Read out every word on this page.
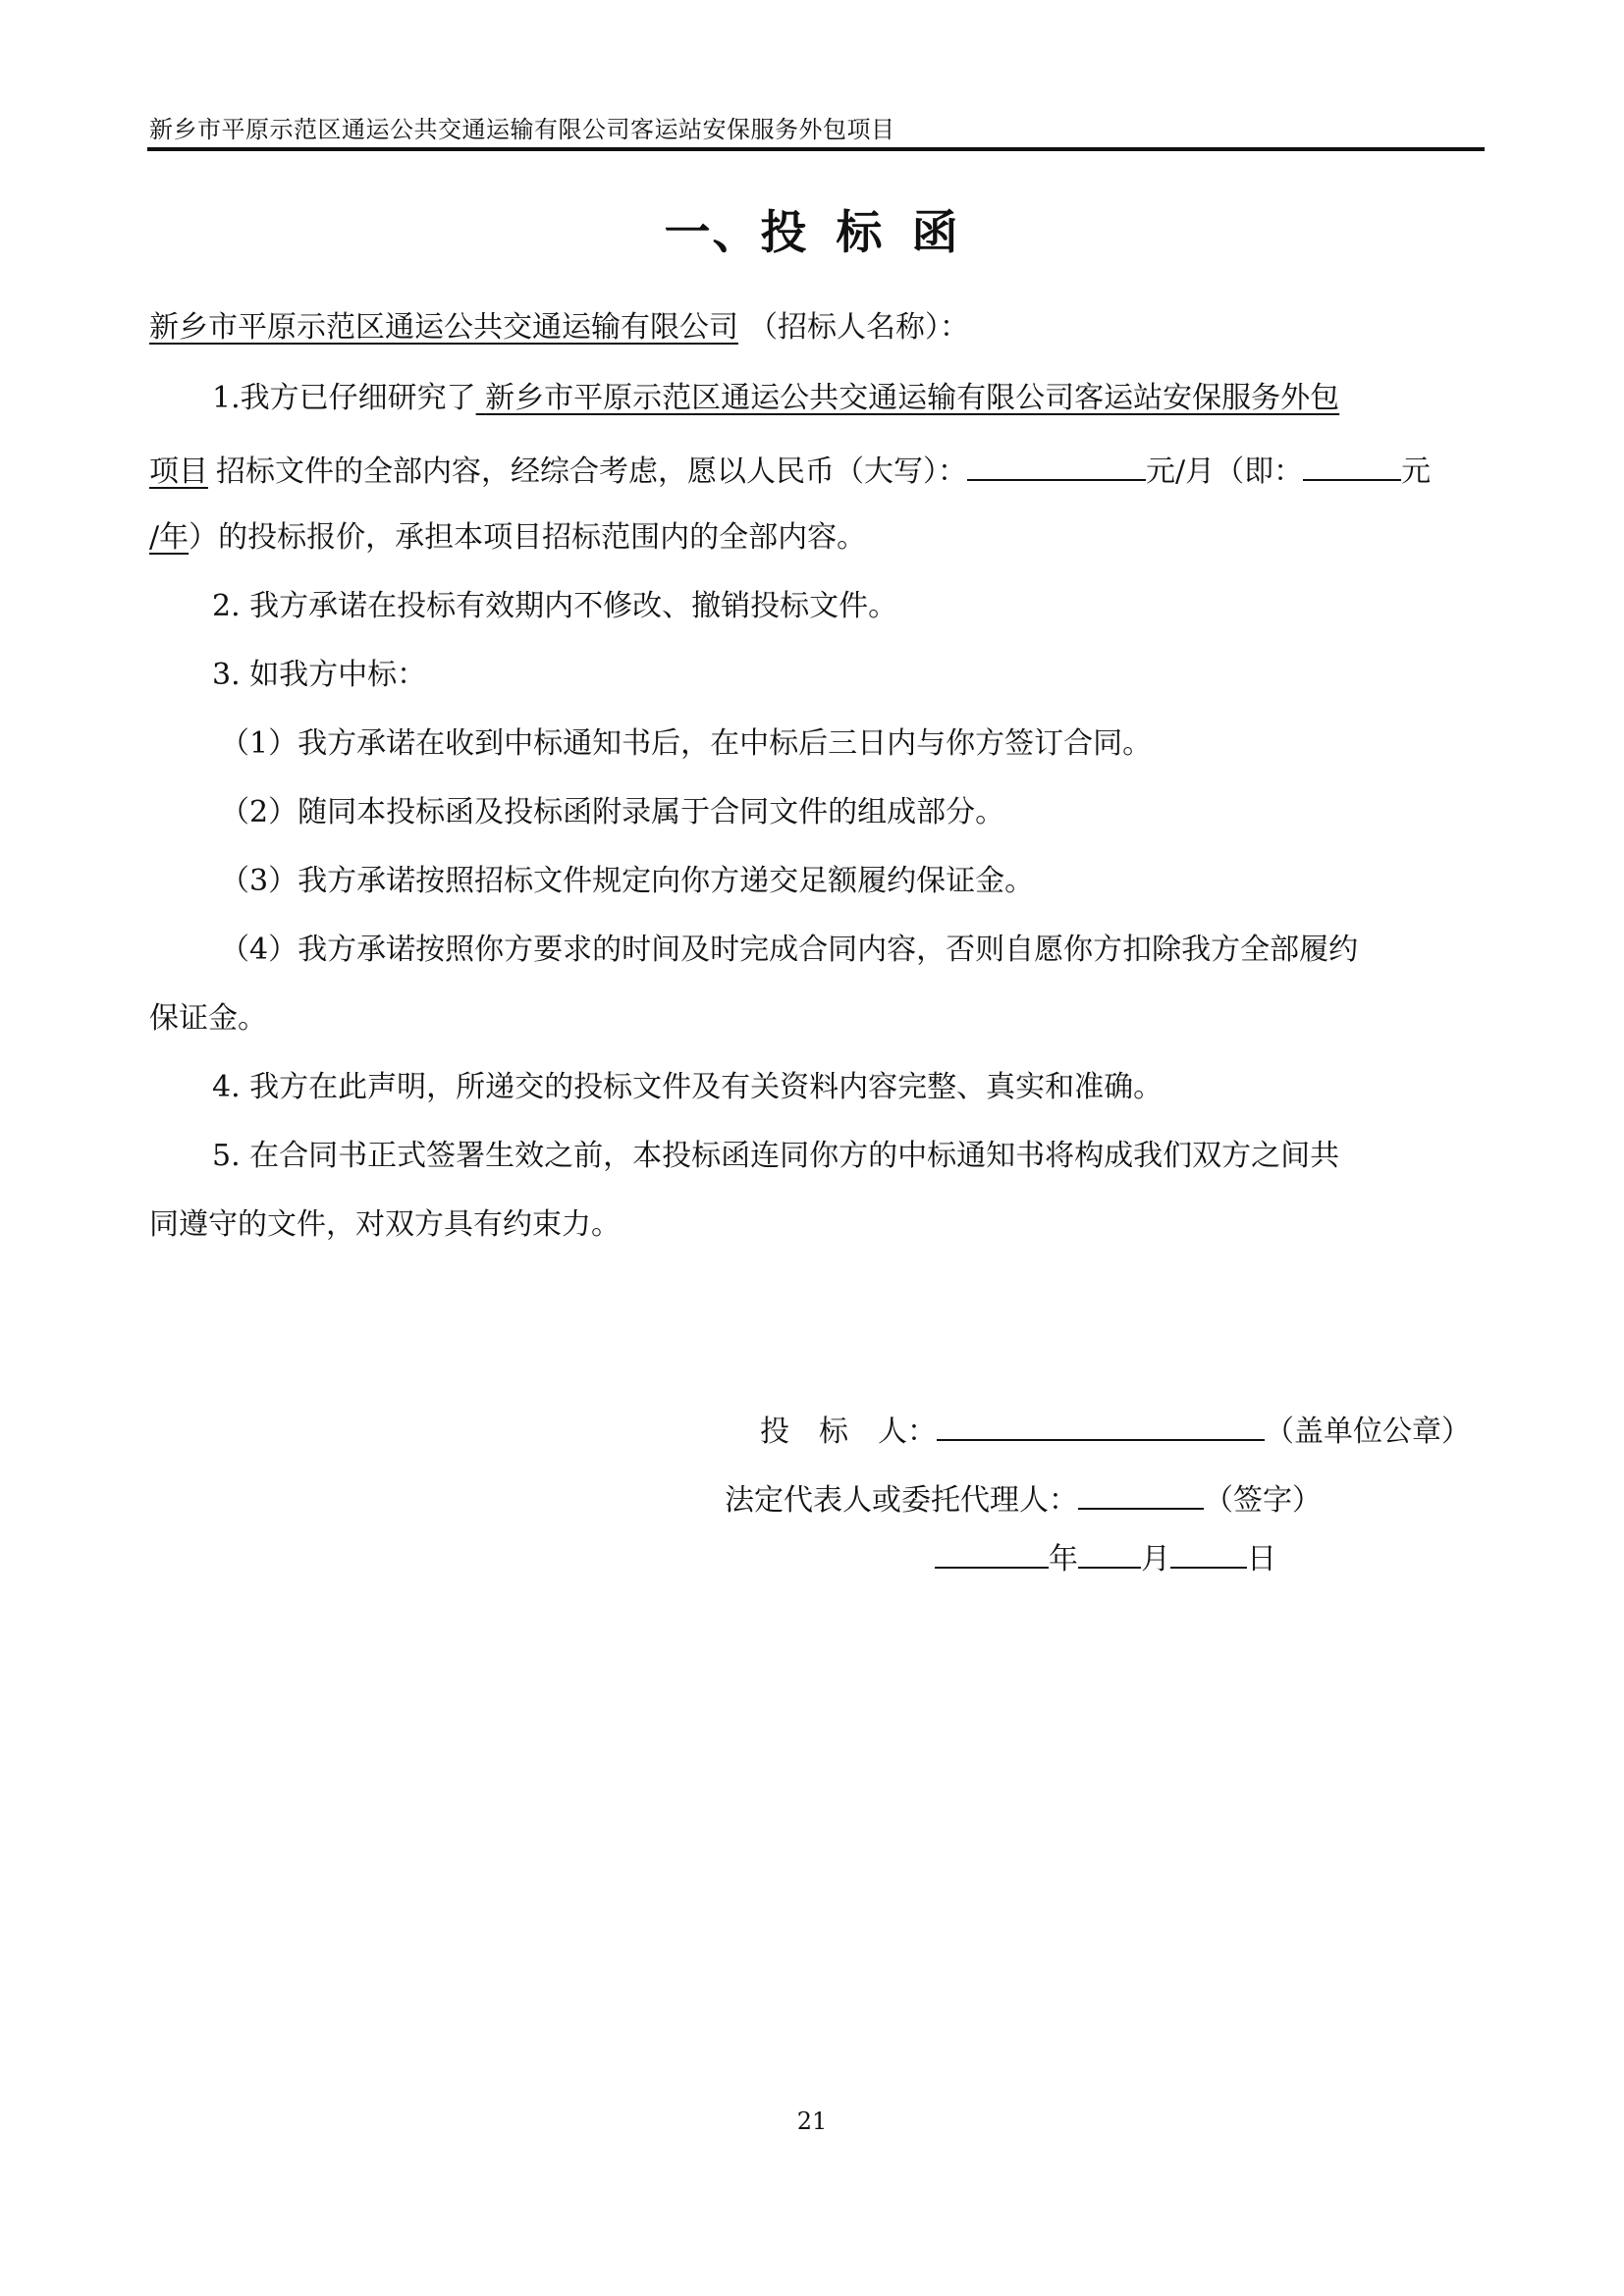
新乡市平原示范区通运公共交通运输有限公司客运站安保服务外包项目
一、投 标 函
新乡市平原示范区通运公共交通运输有限公司 （招标人名称）：
1.我方已仔细研究了 新乡市平原示范区通运公共交通运输有限公司客运站安保服务外包
项目 招标文件的全部内容，经综合考虑，愿以人民币（大写）：	元/月（即：	元
/年）的投标报价，承担本项目招标范围内的全部内容。
2. 我方承诺在投标有效期内不修改、撤销投标文件。
3. 如我方中标：
（1）我方承诺在收到中标通知书后，在中标后三日内与你方签订合同。
（2）随同本投标函及投标函附录属于合同文件的组成部分。
（3）我方承诺按照招标文件规定向你方递交足额履约保证金。
（4）我方承诺按照你方要求的时间及时完成合同内容，否则自愿你方扣除我方全部履约
保证金。
4. 我方在此声明，所递交的投标文件及有关资料内容完整、真实和准确。
5. 在合同书正式签署生效之前，本投标函连同你方的中标通知书将构成我们双方之间共
同遵守的文件，对双方具有约束力。
投　标　人：	（盖单位公章）
法定代表人或委托代理人：	（签字）
年 月	日
21
